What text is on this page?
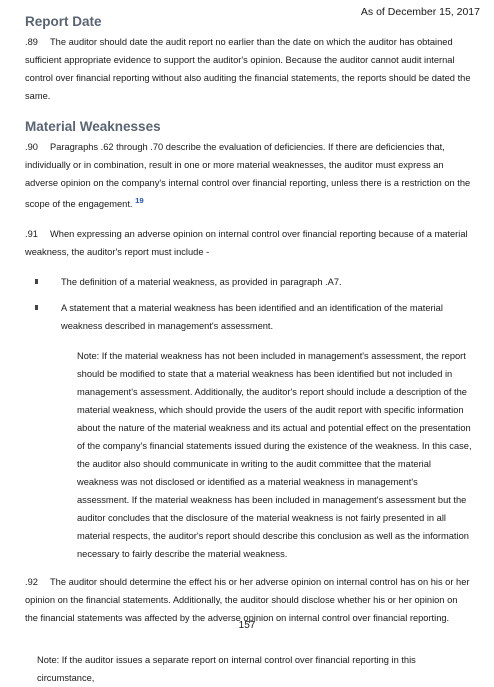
As of December 15, 2017
Report Date

.89 The auditor should date the audit report no earlier than the date on which the auditor has obtained sufficient appropriate evidence to support the auditor's opinion. Because the auditor cannot audit internal control over financial reporting without also auditing the financial statements, the reports should be dated the same.

Material Weaknesses

.90 Paragraphs .62 through .70 describe the evaluation of deficiencies. If there are deficiencies that, individually or in combination, result in one or more material weaknesses, the auditor must express an adverse opinion on the company's internal control over financial reporting, unless there is a restriction on the scope of the engagement. $^{19}$

.91 When expressing an adverse opinion on internal control over financial reporting because of a material weakness, the auditor's report must include -

The definition of a material weakness, as provided in paragraph .A7.
A statement that a material weakness has been identified and an identification of the material weakness described in management's assessment.

Note: If the material weakness has not been included in management's assessment, the report should be modified to state that a material weakness has been identified but not included in management's assessment. Additionally, the auditor's report should include a description of the material weakness, which should provide the users of the audit report with specific information about the nature of the material weakness and its actual and potential effect on the presentation of the company's financial statements issued during the existence of the weakness. In this case, the auditor also should communicate in writing to the audit committee that the material weakness was not disclosed or identified as a material weakness in management's assessment. If the material weakness has been included in management's assessment but the auditor concludes that the disclosure of the material weakness is not fairly presented in all material respects, the auditor's report should describe this conclusion as well as the information necessary to fairly describe the material weakness.

.92 The auditor should determine the effect his or her adverse opinion on internal control has on his or her opinion on the financial statements. Additionally, the auditor should disclose whether his or her opinion on the financial statements was affected by the adverse opinion on internal control over financial reporting.

Note: If the auditor issues a separate report on internal control over financial reporting in this circumstance,

157
